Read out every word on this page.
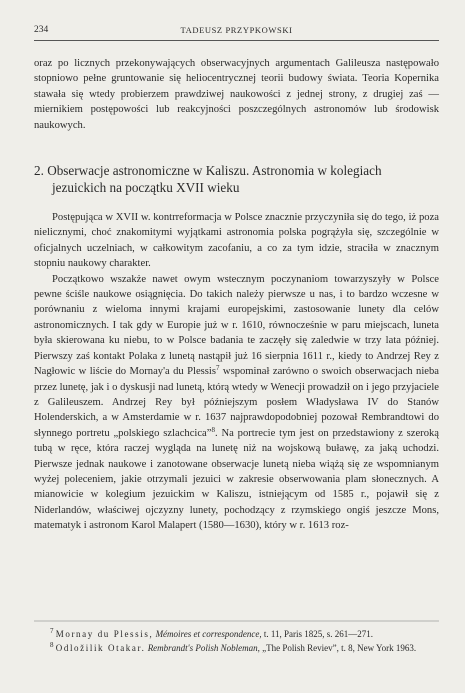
234	TADEUSZ PRZYPKOWSKI

oraz po licznych przekonywających obserwacyjnych argumentach Galileusza następowało stopniowo pełne gruntowanie się heliocentrycznej teorii budowy świata. Teoria Kopernika stawała się wtedy probierzem prawdziwej naukowości z jednej strony, z drugiej zaś — miernikiem postępowości lub reakcyjności poszczególnych astronomów lub środowisk naukowych.

2. Obserwacje astronomiczne w Kaliszu. Astronomia w kolegiach jezuickich na początku XVII wieku

Postępująca w XVII w. kontrreformacja w Polsce znacznie przyczyniła się do tego, iż poza nielicznymi, choć znakomitymi wyjątkami astronomia polska pogrążyła się, szczególnie w oficjalnych uczelniach, w całkowitym zacofaniu, a co za tym idzie, straciła w znacznym stopniu naukowy charakter.

Początkowo wszakże nawet owym wstecznym poczynaniom towarzyszyły w Polsce pewne ściśle naukowe osiągnięcia. Do takich należy pierwsze u nas, i to bardzo wczesne w porównaniu z wieloma innymi krajami europejskimi, zastosowanie lunety dla celów astronomicznych. I tak gdy w Europie już w r. 1610, równocześnie w paru miejscach, luneta była skierowana ku niebu, to w Polsce badania te zaczęły się zaledwie w trzy lata później. Pierwszy zaś kontakt Polaka z lunetą nastąpił już 16 sierpnia 1611 r., kiedy to Andrzej Rey z Nagłowic w liście do Mornay'a du Plessis$^7$ wspominał zarówno o swoich obserwacjach nieba przez lunetę, jak i o dyskusji nad lunetą, którą wtedy w Wenecji prowadził on i jego przyjaciele z Galileuszem. Andrzej Rey był późniejszym posłem Władysława IV do Stanów Holenderskich, a w Amsterdamie w r. 1637 najprawdopodobniej pozował Rembrandtowi do słynnego portretu „polskiego szlachcica”$^8$. Na portrecie tym jest on przedstawiony z szeroką tubą w ręce, która raczej wygląda na lunetę niż na wojskową buławę, za jaką uchodzi. Pierwsze jednak naukowe i zanotowane obserwacje lunetą nieba wiążą się ze wspomnianym wyżej poleceniem, jakie otrzymali jezuici w zakresie obserwowania plam słonecznych. A mianowicie w kolegium jezuickim w Kaliszu, istniejącym od 1585 r., pojawił się z Niderlandów, właściwej ojczyzny lunety, pochodzący z rzymskiego ongiś jeszcze Mons, matematyk i astronom Karol Malapert (1580—1630), który w r. 1613 roz-

$^7$ Mornay du Plessis, Mémoires et correspondence, t. 11, Paris 1825, s. 261—271.

$^8$ Odložilik Otakar. Rembrandt's Polish Nobleman, „The Polish Reviev”, t. 8, New York 1963.
